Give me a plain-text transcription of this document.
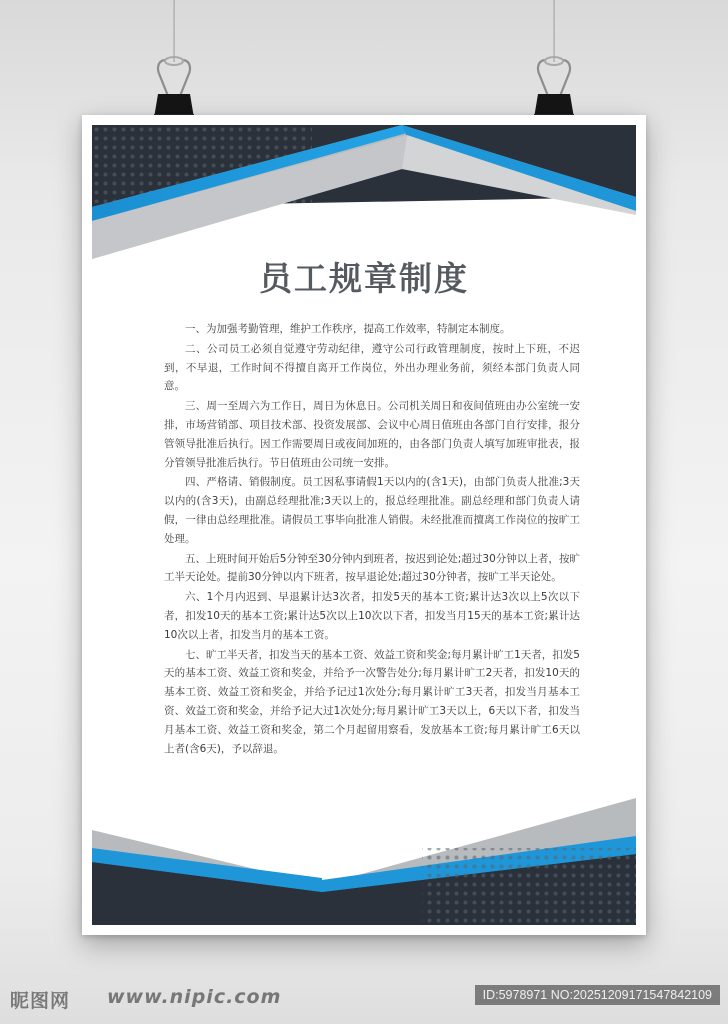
员工规章制度

一、为加强考勤管理，维护工作秩序，提高工作效率，特制定本制度。

二、公司员工必须自觉遵守劳动纪律，遵守公司行政管理制度，按时上下班，不迟到，不早退，工作时间不得擅自离开工作岗位，外出办理业务前，须经本部门负责人同意。

三、周一至周六为工作日，周日为休息日。公司机关周日和夜间值班由办公室统一安排，市场营销部、项目技术部、投资发展部、会议中心周日值班由各部门自行安排，报分管领导批准后执行。因工作需要周日或夜间加班的，由各部门负责人填写加班审批表，报分管领导批准后执行。节日值班由公司统一安排。

四、严格请、销假制度。员工因私事请假1天以内的(含1天)，由部门负责人批准;3天以内的(含3天)，由副总经理批准;3天以上的，报总经理批准。副总经理和部门负责人请假，一律由总经理批准。请假员工事毕向批准人销假。未经批准而擅离工作岗位的按旷工处理。

五、上班时间开始后5分钟至30分钟内到班者，按迟到论处;超过30分钟以上者，按旷工半天论处。提前30分钟以内下班者，按早退论处;超过30分钟者，按旷工半天论处。

六、1个月内迟到、早退累计达3次者，扣发5天的基本工资;累计达3次以上5次以下者，扣发10天的基本工资;累计达5次以上10次以下者，扣发当月15天的基本工资;累计达10次以上者，扣发当月的基本工资。

七、旷工半天者，扣发当天的基本工资、效益工资和奖金;每月累计旷工1天者，扣发5天的基本工资、效益工资和奖金，并给予一次警告处分;每月累计旷工2天者，扣发10天的基本工资、效益工资和奖金，并给予记过1次处分;每月累计旷工3天者，扣发当月基本工资、效益工资和奖金，并给予记大过1次处分;每月累计旷工3天以上，6天以下者，扣发当月基本工资、效益工资和奖金，第二个月起留用察看，发放基本工资;每月累计旷工6天以上者(含6天)，予以辞退。

昵图网 www.nipic.com	ID:5978971 NO:20251209171547842109
